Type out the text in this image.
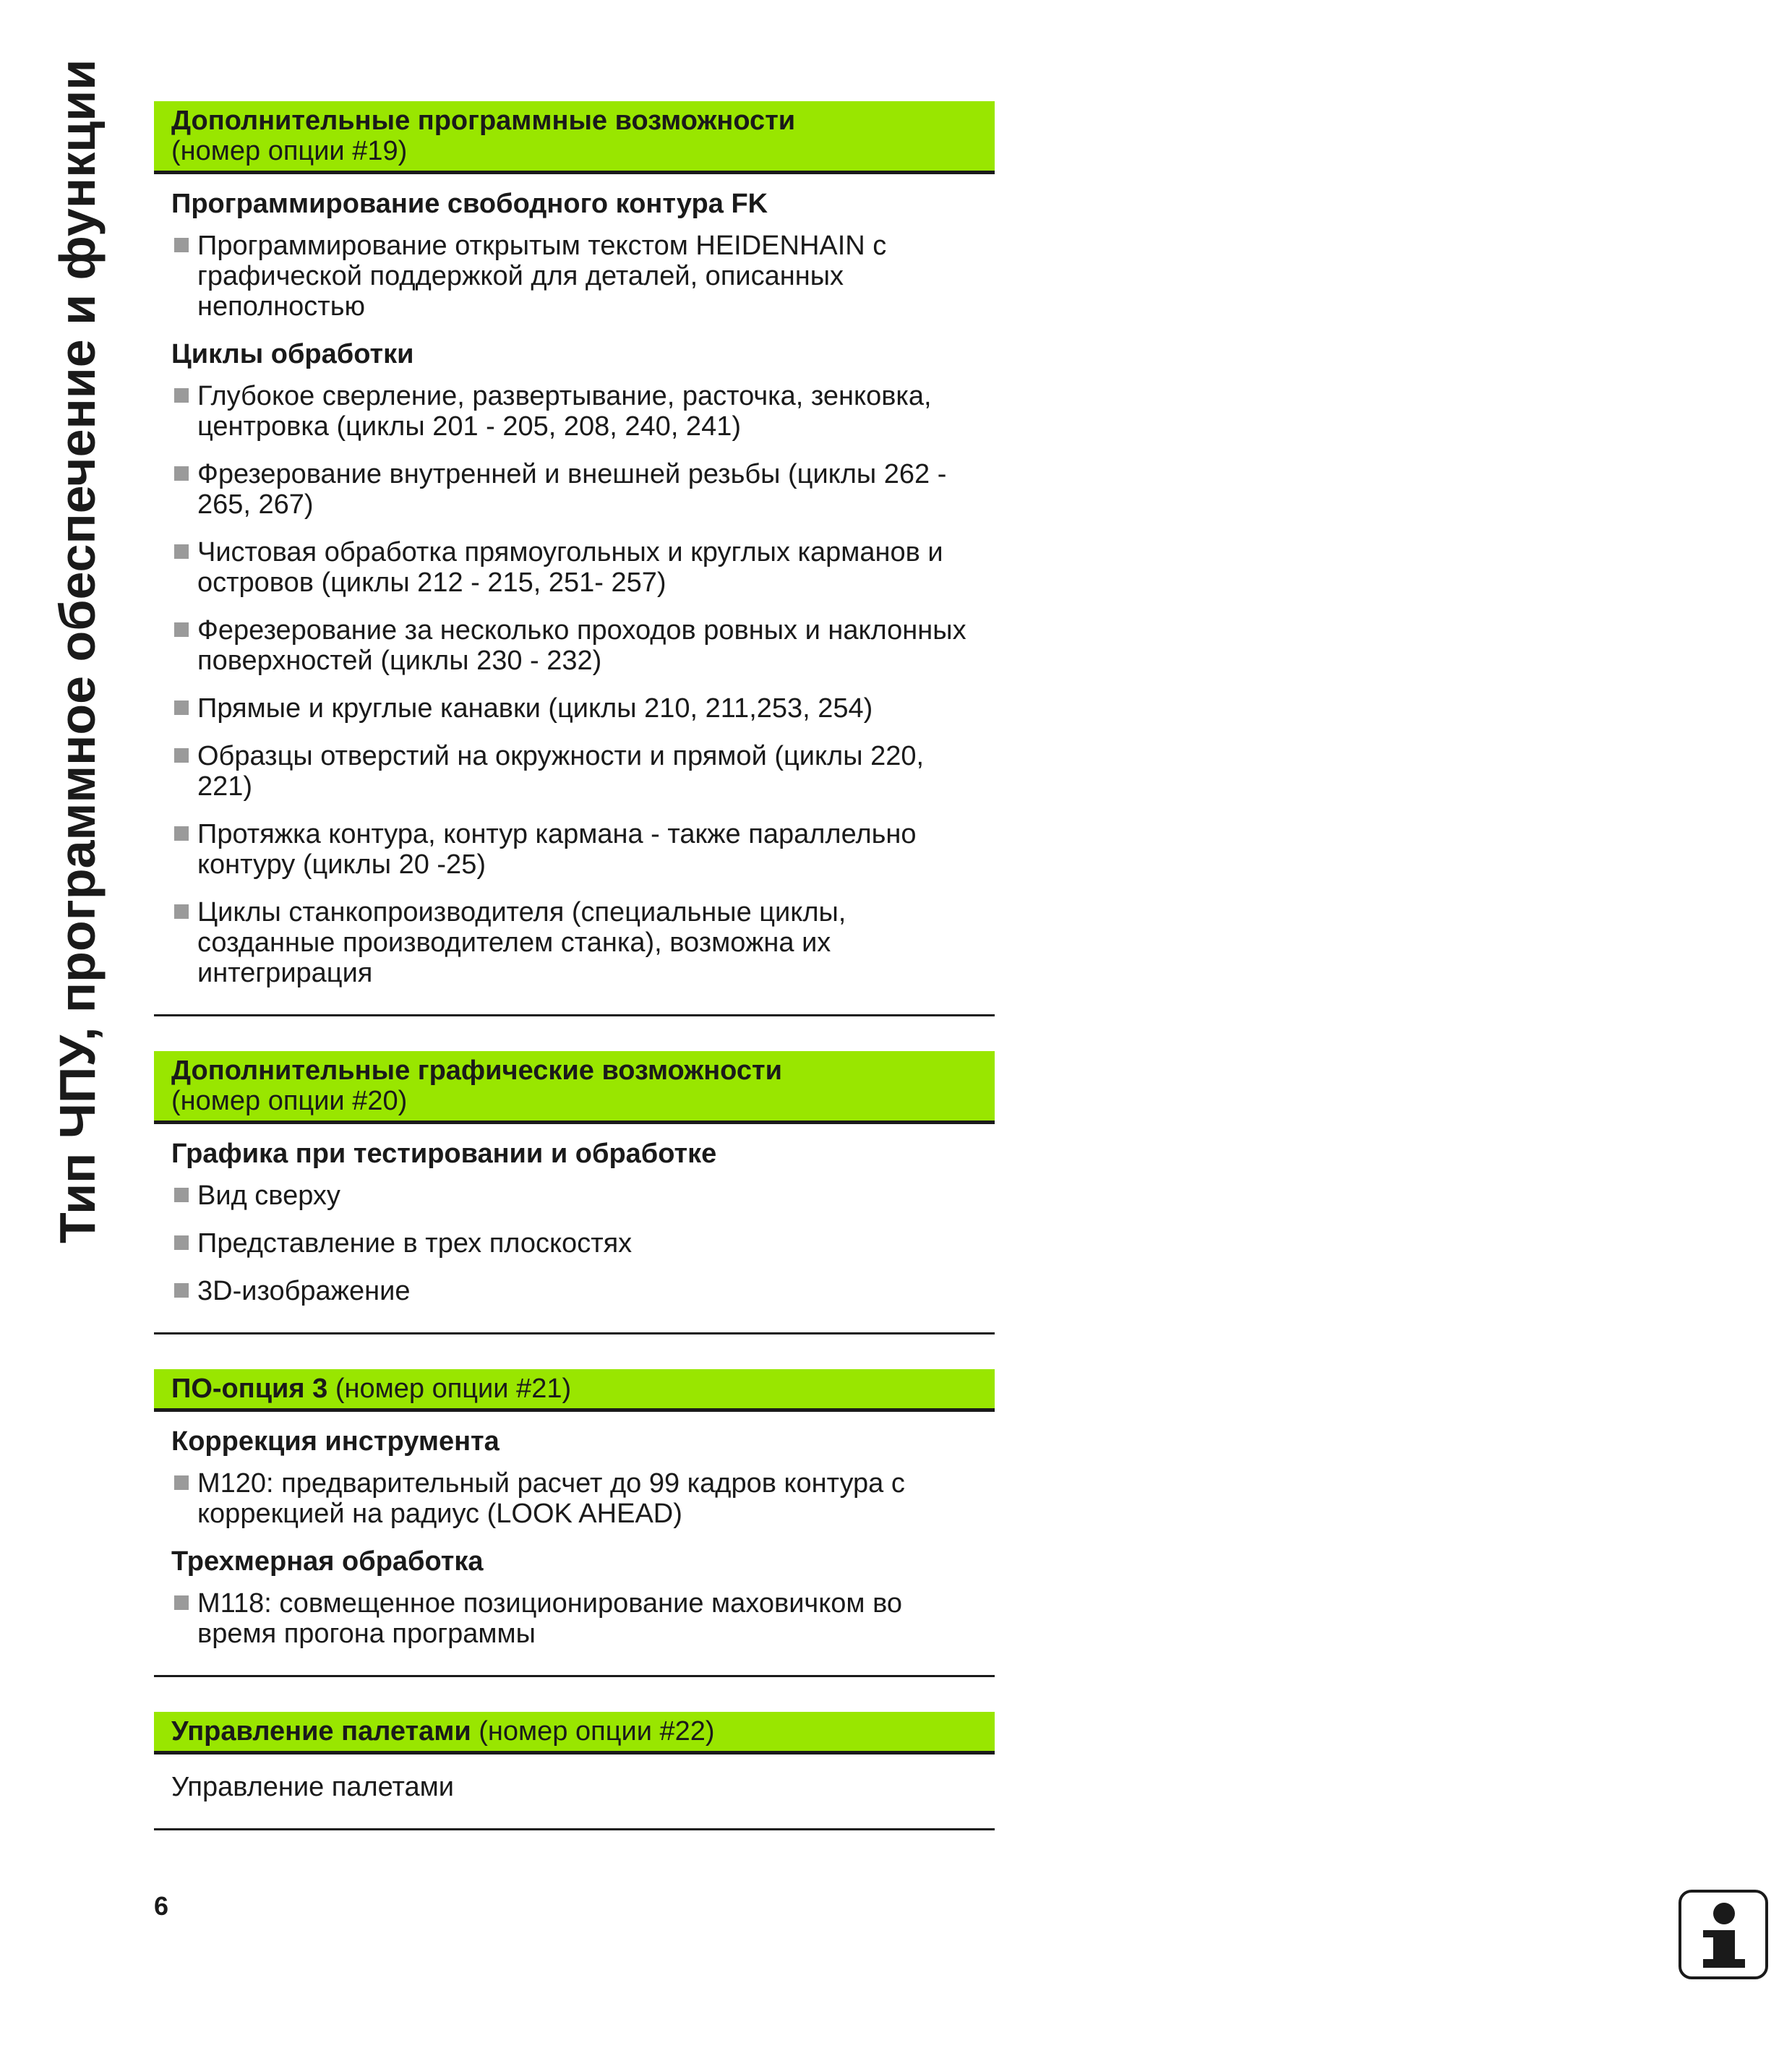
Тип ЧПУ, программное обеспечение и функции Дополнительные программные возможности
(номер опции #19)
Программирование свободного контура FK
Программирование открытым текстом HEIDENHAIN с графической поддержкой для деталей, описанных неполностью
Циклы обработки
Глубокое сверление, развертывание, расточка, зенковка, центровка (циклы 201 - 205, 208, 240, 241)
Фрезерование внутренней и внешней резьбы (циклы 262 - 265, 267)
Чистовая обработка прямоугольных и круглых карманов и островов (циклы 212 - 215, 251- 257)
Ферезерование за несколько проходов ровных и наклонных поверхностей (циклы 230 - 232)
Прямые и круглые канавки (циклы 210, 211,253, 254)
Образцы отверстий на окружности и прямой (циклы 220, 221)
Протяжка контура, контур кармана - также параллельно контуру (циклы 20 -25)
Циклы станкопроизводителя (специальные циклы, созданные производителем станка), возможна их интегрирация
Дополнительные графические возможности
(номер опции #20)
Графика при тестировании и обработке
Вид сверху
Представление в трех плоскостях
3D-изображение
ПО-опция 3 (номер опции #21)
Коррекция инструмента
M120: предварительный расчет до 99 кадров контура с коррекцией на радиус (LOOK AHEAD)
Трехмерная обработка
M118: совмещенное позиционирование маховичком во время прогона программы
Управление палетами (номер опции #22)
Управление палетами
6
